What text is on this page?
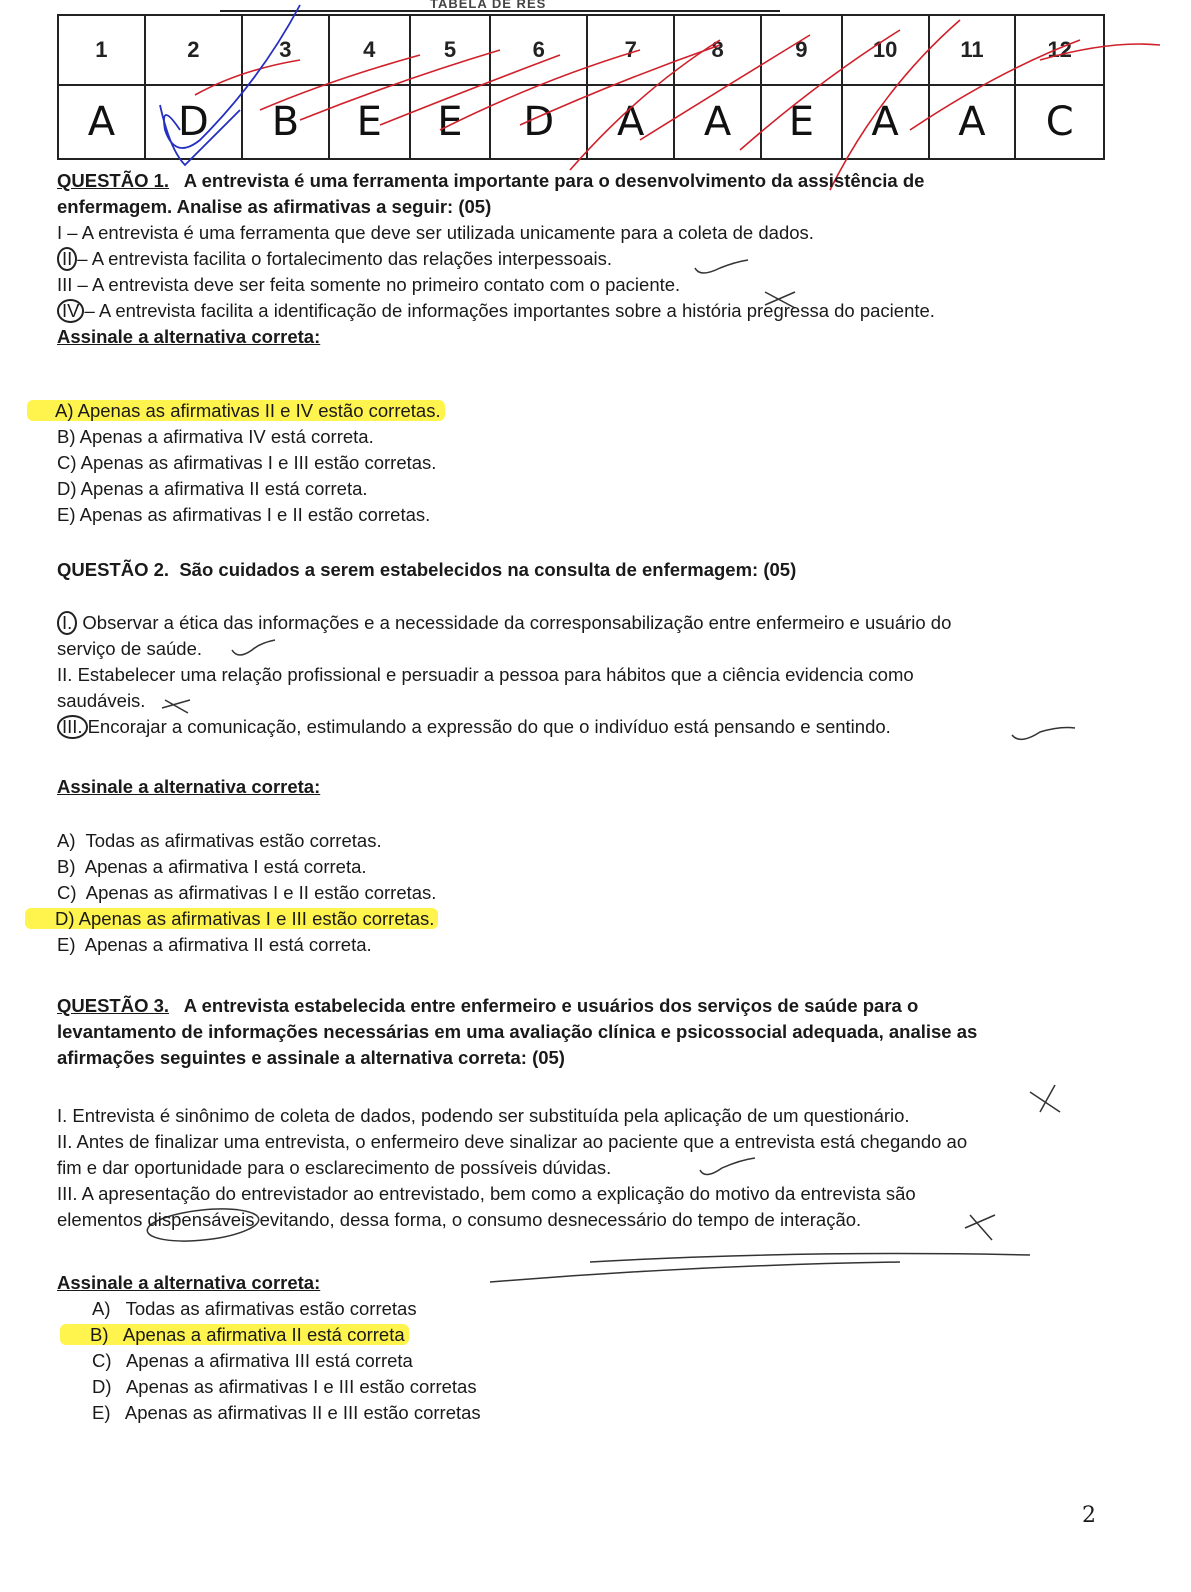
TABELA DE RES
1	2	3	4	5	6	7	8	9	10	11	12
A	D	B	E	E	D	A	A	E	A	A	C
QUESTÃO 1. A entrevista é uma ferramenta importante para o desenvolvimento da assistência de
enfermagem. Analise as afirmativas a seguir: (05)
I – A entrevista é uma ferramenta que deve ser utilizada unicamente para a coleta de dados.
II – A entrevista facilita o fortalecimento das relações interpessoais.
III – A entrevista deve ser feita somente no primeiro contato com o paciente.
IV – A entrevista facilita a identificação de informações importantes sobre a história pregressa do paciente.
Assinale a alternativa correta:
A) Apenas as afirmativas II e IV estão corretas.
B) Apenas a afirmativa IV está correta.
C) Apenas as afirmativas I e III estão corretas.
D) Apenas a afirmativa II está correta.
E) Apenas as afirmativas I e II estão corretas.
QUESTÃO 2. São cuidados a serem estabelecidos na consulta de enfermagem: (05)
I. Observar a ética das informações e a necessidade da corresponsabilização entre enfermeiro e usuário do
serviço de saúde.
II. Estabelecer uma relação profissional e persuadir a pessoa para hábitos que a ciência evidencia como
saudáveis.
III. Encorajar a comunicação, estimulando a expressão do que o indivíduo está pensando e sentindo.
Assinale a alternativa correta:
A) Todas as afirmativas estão corretas.
B) Apenas a afirmativa I está correta.
C) Apenas as afirmativas I e II estão corretas.
D) Apenas as afirmativas I e III estão corretas.
E) Apenas a afirmativa II está correta.
QUESTÃO 3. A entrevista estabelecida entre enfermeiro e usuários dos serviços de saúde para o
levantamento de informações necessárias em uma avaliação clínica e psicossocial adequada, analise as
afirmações seguintes e assinale a alternativa correta: (05)
I. Entrevista é sinônimo de coleta de dados, podendo ser substituída pela aplicação de um questionário.
II. Antes de finalizar uma entrevista, o enfermeiro deve sinalizar ao paciente que a entrevista está chegando ao
fim e dar oportunidade para o esclarecimento de possíveis dúvidas.
III. A apresentação do entrevistador ao entrevistado, bem como a explicação do motivo da entrevista são
elementos dispensáveis evitando, dessa forma, o consumo desnecessário do tempo de interação.
Assinale a alternativa correta:
A) Todas as afirmativas estão corretas
B) Apenas a afirmativa II está correta
C) Apenas a afirmativa III está correta
D) Apenas as afirmativas I e III estão corretas
E) Apenas as afirmativas II e III estão corretas
2
